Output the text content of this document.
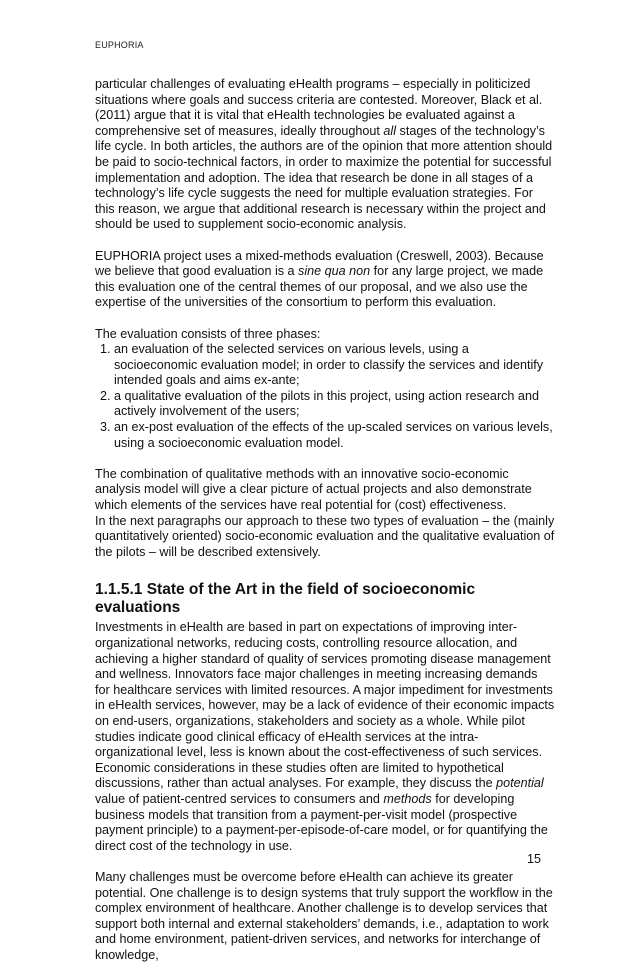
EUPHORIA

particular challenges of evaluating eHealth programs – especially in politicized situations where goals and success criteria are contested. Moreover, Black et al. (2011) argue that it is vital that eHealth technologies be evaluated against a comprehensive set of measures, ideally throughout all stages of the technology’s life cycle. In both articles, the authors are of the opinion that more attention should be paid to socio-technical factors, in order to maximize the potential for successful implementation and adoption. The idea that research be done in all stages of a technology’s life cycle suggests the need for multiple evaluation strategies. For this reason, we argue that additional research is necessary within the project and should be used to supplement socio-economic analysis.

EUPHORIA project uses a mixed-methods evaluation (Creswell, 2003). Because we believe that good evaluation is a sine qua non for any large project, we made this evaluation one of the central themes of our proposal, and we also use the expertise of the universities of the consortium to perform this evaluation.

The evaluation consists of three phases:
1. an evaluation of the selected services on various levels, using a socioeconomic evaluation model; in order to classify the services and identify intended goals and aims ex-ante;
2. a qualitative evaluation of the pilots in this project, using action research and actively involvement of the users;
3. an ex-post evaluation of the effects of the up-scaled services on various levels, using a socioeconomic evaluation model.

The combination of qualitative methods with an innovative socio-economic analysis model will give a clear picture of actual projects and also demonstrate which elements of the services have real potential for (cost) effectiveness.
In the next paragraphs our approach to these two types of evaluation – the (mainly quantitatively oriented) socio-economic evaluation and the qualitative evaluation of the pilots – will be described extensively.

1.1.5.1 State of the Art in the field of socioeconomic evaluations

Investments in eHealth are based in part on expectations of improving inter-organizational networks, reducing costs, controlling resource allocation, and achieving a higher standard of quality of services promoting disease management and wellness. Innovators face major challenges in meeting increasing demands for healthcare services with limited resources. A major impediment for investments in eHealth services, however, may be a lack of evidence of their economic impacts on end-users, organizations, stakeholders and society as a whole. While pilot studies indicate good clinical efficacy of eHealth services at the intra-organizational level, less is known about the cost-effectiveness of such services. Economic considerations in these studies often are limited to hypothetical discussions, rather than actual analyses. For example, they discuss the potential value of patient-centred services to consumers and methods for developing business models that transition from a payment-per-visit model (prospective payment principle) to a payment-per-episode-of-care model, or for quantifying the direct cost of the technology in use.

Many challenges must be overcome before eHealth can achieve its greater potential. One challenge is to design systems that truly support the workflow in the complex environment of healthcare. Another challenge is to develop services that support both internal and external stakeholders’ demands, i.e., adaptation to work and home environment, patient-driven services, and networks for interchange of knowledge,

15
